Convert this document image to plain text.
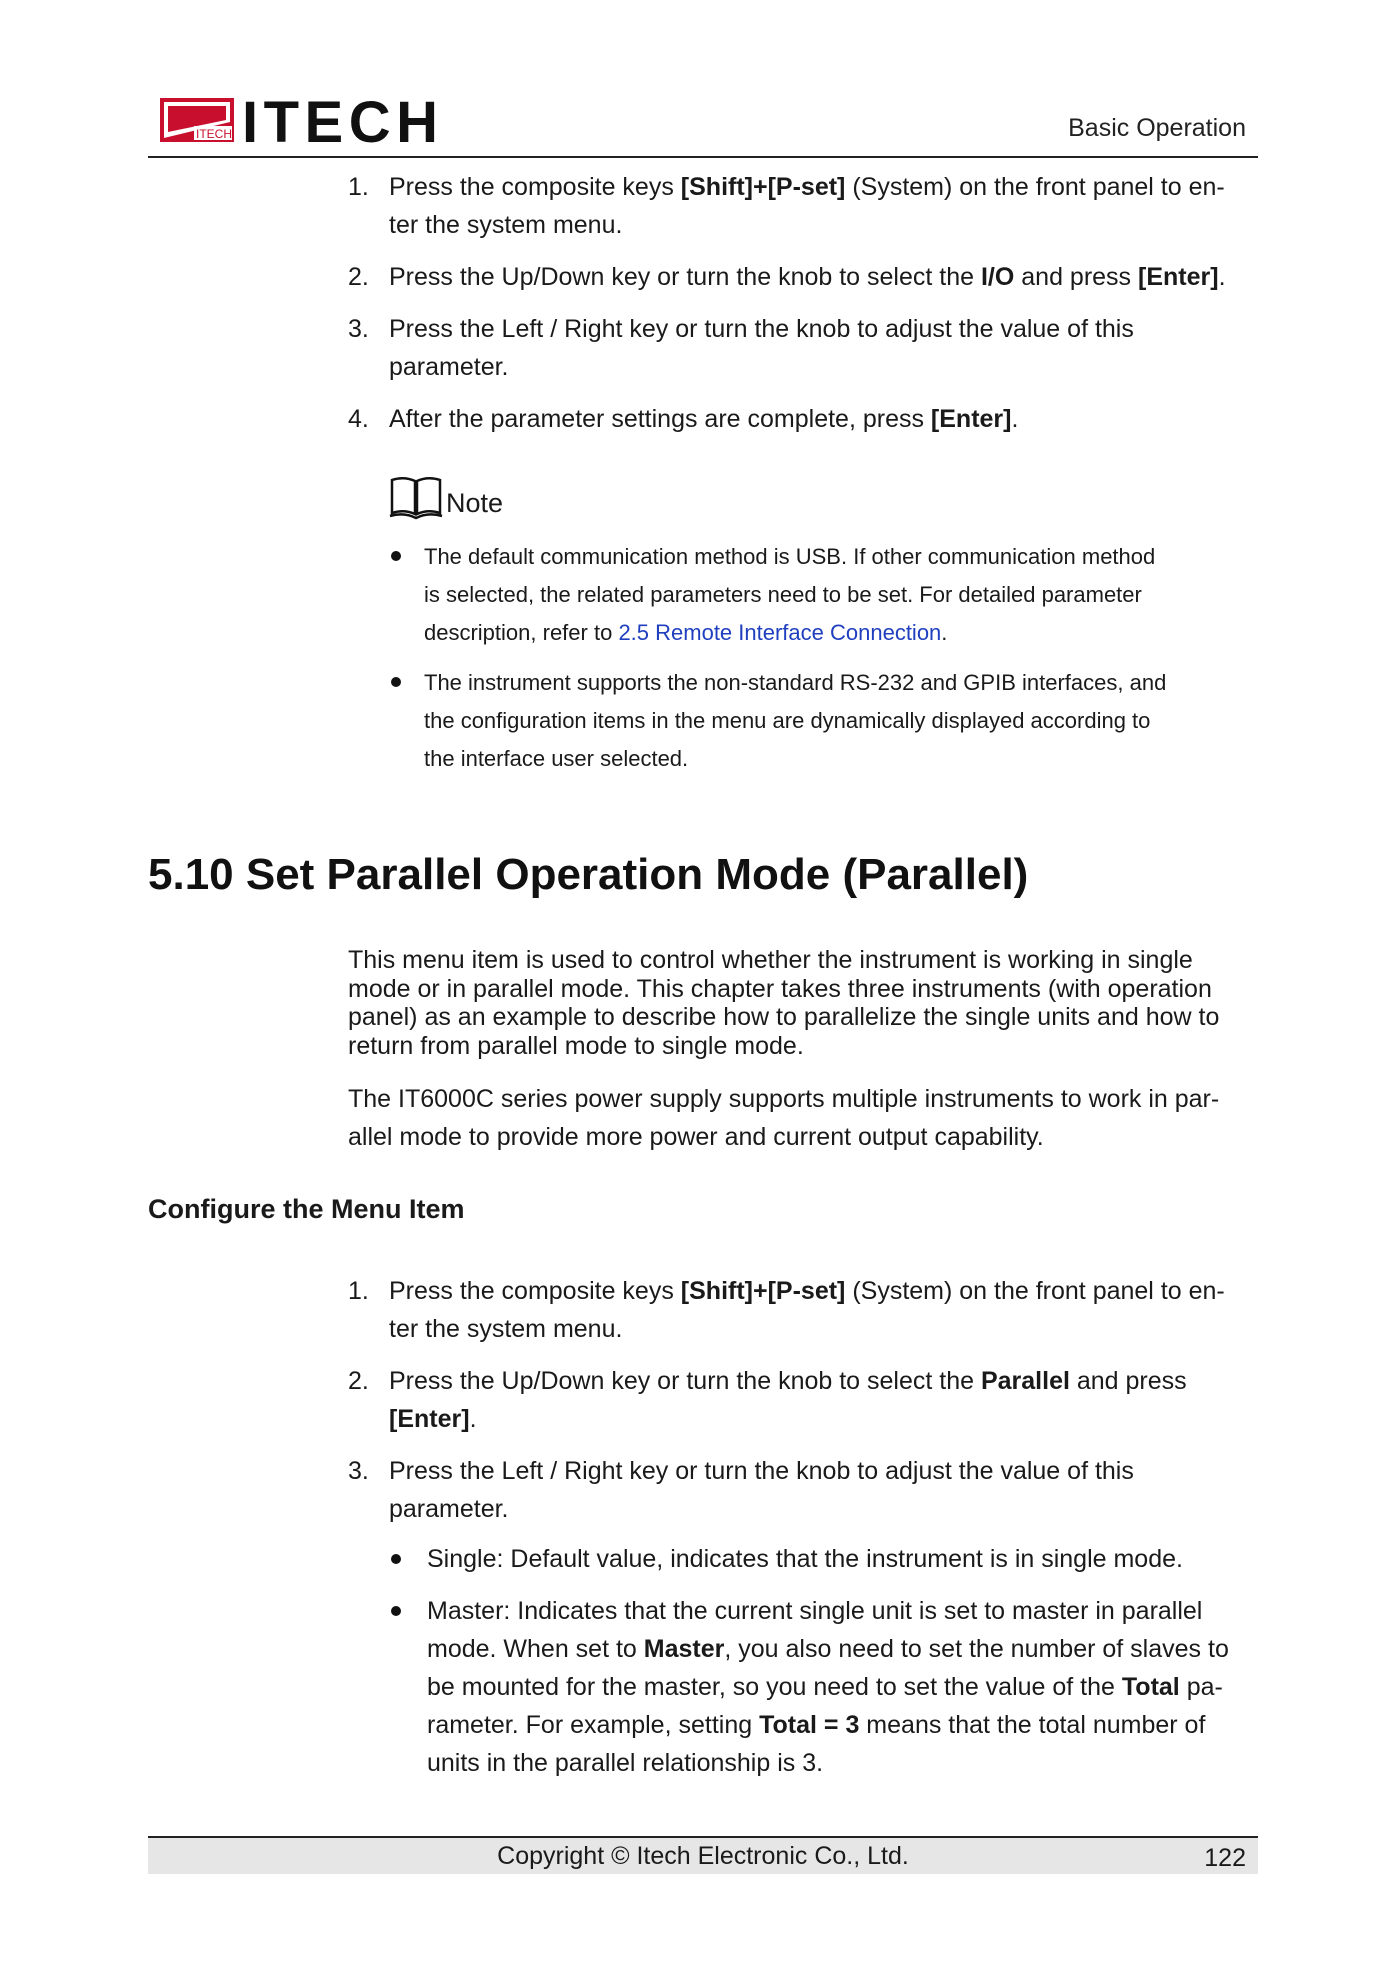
ITECH ITECH	Basic Operation
1. Press the composite keys [Shift]+[P-set] (System) on the front panel to en-
ter the system menu.
2. Press the Up/Down key or turn the knob to select the I/O and press [Enter].
3. Press the Left / Right key or turn the knob to adjust the value of this
parameter.
4. After the parameter settings are complete, press [Enter].
Note
The default communication method is USB. If other communication method
is selected, the related parameters need to be set. For detailed parameter
description, refer to 2.5 Remote Interface Connection.
The instrument supports the non-standard RS-232 and GPIB interfaces, and
the configuration items in the menu are dynamically displayed according to
the interface user selected.
5.10 Set Parallel Operation Mode (Parallel)

This menu item is used to control whether the instrument is working in single
mode or in parallel mode. This chapter takes three instruments (with operation
panel) as an example to describe how to parallelize the single units and how to
return from parallel mode to single mode.

The IT6000C series power supply supports multiple instruments to work in par-
allel mode to provide more power and current output capability.

Configure the Menu Item
1. Press the composite keys [Shift]+[P-set] (System) on the front panel to en-
ter the system menu.
2. Press the Up/Down key or turn the knob to select the Parallel and press
[Enter].
3. Press the Left / Right key or turn the knob to adjust the value of this
parameter.
Single: Default value, indicates that the instrument is in single mode.
Master: Indicates that the current single unit is set to master in parallel
mode. When set to Master, you also need to set the number of slaves to
be mounted for the master, so you need to set the value of the Total pa-
rameter. For example, setting Total = 3 means that the total number of
units in the parallel relationship is 3.
Copyright © Itech Electronic Co., Ltd.	122
